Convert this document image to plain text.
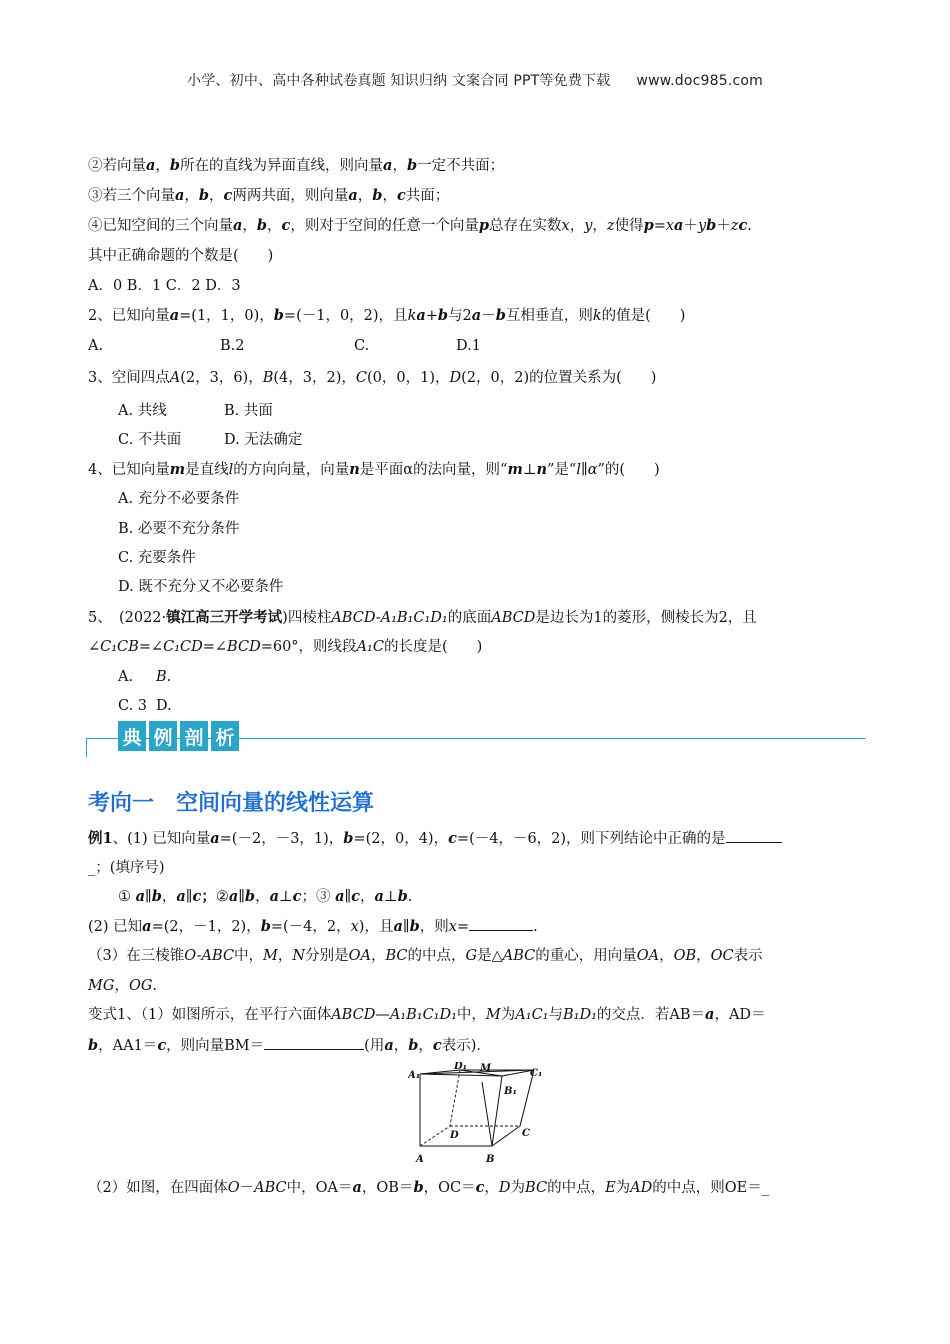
小学、初中、高中各种试卷真题 知识归纳 文案合同 PPT等免费下载 www.doc985.com
②若向量a，b所在的直线为异面直线，则向量a，b一定不共面；
③若三个向量a，b，c两两共面，则向量a，b，c共面；
④已知空间的三个向量a，b，c，则对于空间的任意一个向量p总存在实数x，y，z使得p=xa＋yb＋zc.
其中正确命题的个数是(　　)
A．0 B．1 C．2 D．3
2、已知向量a=(1，1，0)，b=(－1，0，2)，且ka+b与2a－b互相垂直，则k的值是(　　)
A.	B.2	C.	D.1
3、空间四点A(2，3，6)，B(4，3，2)，C(0，0，1)，D(2，0，2)的位置关系为(　　)
A. 共线	B. 共面
C. 不共面	D. 无法确定
4、已知向量m是直线l的方向向量，向量n是平面α的法向量，则“m⊥n”是“l∥α”的(　　)
A. 充分不必要条件
B. 必要不充分条件
C. 充要条件
D. 既不充分又不必要条件
5、　(2022·镇江高三开学考试)四棱柱ABCD-A₁B₁C₁D₁的底面ABCD是边长为1的菱形，侧棱长为2，且
∠C₁CB=∠C₁CD=∠BCD=60°，则线段A₁C的长度是(　　)
A. B.
C. 3 D.
典 例 剖 析
考向一　空间向量的线性运算
例1、(1) 已知向量a=(－2，－3，1)，b=(2，0，4)，c=(－4，－6，2)，则下列结论中正确的是
_；(填序号)
① a∥b，a∥c；②a∥b，a⊥c；③ a∥c，a⊥b.
(2) 已知a=(2，－1，2)，b=(－4，2，x)，且a∥b，则x=	.
（3）在三棱锥O-ABC中，M，N分别是OA，BC的中点，G是△ABC的重心，用向量OA，OB，OC表示
MG，OG.
变式1、（1）如图所示，在平行六面体ABCD—A₁B₁C₁D₁中，M为A₁C₁与B₁D₁的交点．若AB＝a，AD＝
b，AA1＝c，则向量BM＝	(用a，b，c表示)．
D₁ M	C₁
A₁
B₁
D	C
A	B
（2）如图，在四面体O－ABC中，OA＝a，OB＝b，OC＝c，D为BC的中点，E为AD的中点，则OE＝_
